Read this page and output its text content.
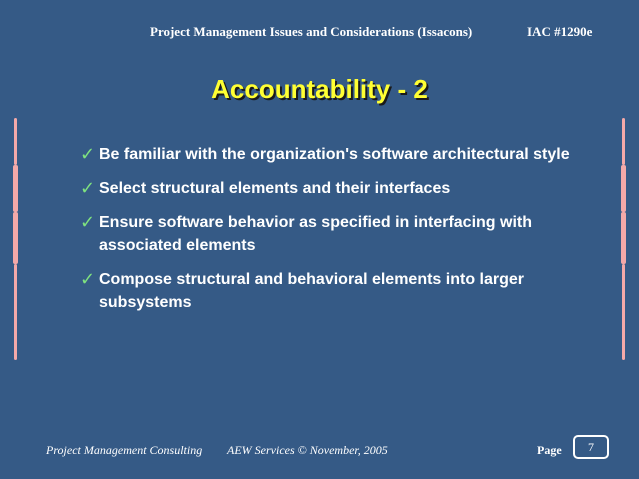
Project Management Issues and Considerations (Issacons)	IAC #1290e
Accountability - 2
✓ Be familiar with the organization's software architectural style
✓ Select structural elements and their interfaces
✓ Ensure software behavior as specified in interfacing with associated elements
✓ Compose structural and behavioral elements into larger subsystems
Project Management Consulting AEW Services © November, 2005	Page	7
